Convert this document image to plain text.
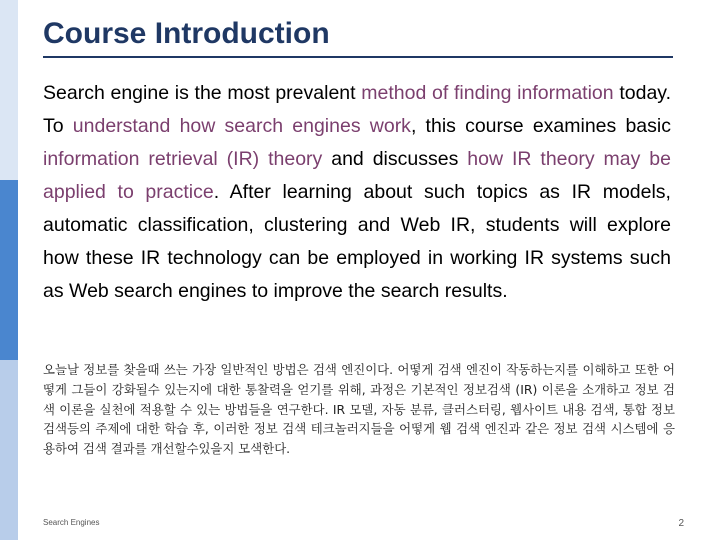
Course Introduction
Search engine is the most prevalent method of finding information today. To understand how search engines work, this course examines basic information retrieval (IR) theory and discusses how IR theory may be applied to practice. After learning about such topics as IR models, automatic classification, clustering and Web IR, students will explore how these IR technology can be employed in working IR systems such as Web search engines to improve the search results.
오늘날 정보를 찾을때 쓰는 가장 일반적인 방법은 검색 엔진이다. 어떻게 검색 엔진이 작동하는지를 이해하고 또한 어떻게 그들이 강화될수 있는지에 대한 통찰력을 얻기를 위해, 과정은 기본적인 정보검색 (IR) 이론을 소개하고 정보 검색 이론을 실천에 적용할 수 있는 방법들을 연구한다. IR 모델, 자동 분류, 클러스터링, 웹사이트 내용 검색, 통합 정보 검색등의 주제에 대한 학습 후, 이러한 정보 검색 테크놀러지들을 어떻게 웹 검색 엔진과 같은 정보 검색 시스템에 응용하여 검색 결과를 개선할수있을지 모색한다.
Search Engines	2
